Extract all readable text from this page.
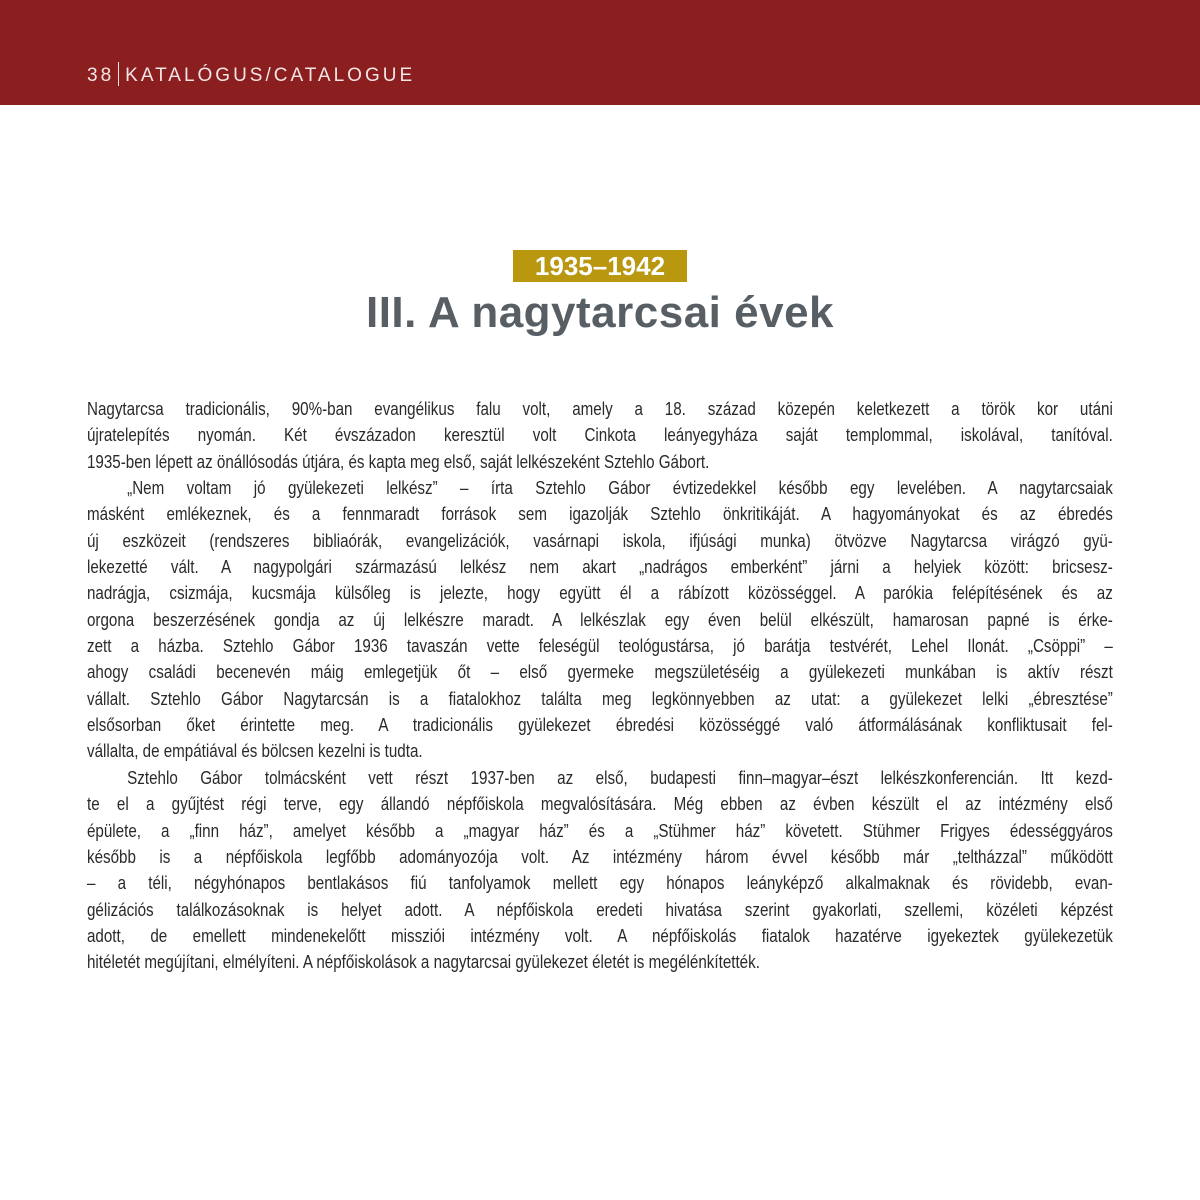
38 KATALÓGUS/CATALOGUE
1935–1942
III. A nagytarcsai évek
Nagytarcsa tradicionális, 90%-ban evangélikus falu volt, amely a 18. század közepén keletkezett a török kor utáni
újratelepítés nyomán. Két évszázadon keresztül volt Cinkota leányegyháza saját templommal, iskolával, tanítóval.
1935-ben lépett az önállósodás útjára, és kapta meg első, saját lelkészeként Sztehlo Gábort.
„Nem voltam jó gyülekezeti lelkész” – írta Sztehlo Gábor évtizedekkel később egy levelében. A nagytarcsaiak
másként emlékeznek, és a fennmaradt források sem igazolják Sztehlo önkritikáját. A hagyományokat és az ébredés
új eszközeit (rendszeres bibliaórák, evangelizációk, vasárnapi iskola, ifjúsági munka) ötvözve Nagytarcsa virágzó gyü-
lekezetté vált. A nagypolgári származású lelkész nem akart „nadrágos emberként” járni a helyiek között: bricsesz-
nadrágja, csizmája, kucsmája külsőleg is jelezte, hogy együtt él a rábízott közösséggel. A parókia felépítésének és az
orgona beszerzésének gondja az új lelkészre maradt. A lelkészlak egy éven belül elkészült, hamarosan papné is érke-
zett a házba. Sztehlo Gábor 1936 tavaszán vette feleségül teológustársa, jó barátja testvérét, Lehel Ilonát. „Csöppi” –
ahogy családi becenevén máig emlegetjük őt – első gyermeke megszületéséig a gyülekezeti munkában is aktív részt
vállalt. Sztehlo Gábor Nagytarcsán is a fiatalokhoz találta meg legkönnyebben az utat: a gyülekezet lelki „ébresztése”
elsősorban őket érintette meg. A tradicionális gyülekezet ébredési közösséggé való átformálásának konfliktusait fel-
vállalta, de empátiával és bölcsen kezelni is tudta.
Sztehlo Gábor tolmácsként vett részt 1937-ben az első, budapesti finn–magyar–észt lelkészkonferencián. Itt kezd-
te el a gyűjtést régi terve, egy állandó népfőiskola megvalósítására. Még ebben az évben készült el az intézmény első
épülete, a „finn ház”, amelyet később a „magyar ház” és a „Stühmer ház” követett. Stühmer Frigyes édességgyáros
később is a népfőiskola legfőbb adományozója volt. Az intézmény három évvel később már „teltházzal” működött
– a téli, négyhónapos bentlakásos fiú tanfolyamok mellett egy hónapos leányképző alkalmaknak és rövidebb, evan-
gélizációs találkozásoknak is helyet adott. A népfőiskola eredeti hivatása szerint gyakorlati, szellemi, közéleti képzést
adott, de emellett mindenekelőtt missziói intézmény volt. A népfőiskolás fiatalok hazatérve igyekeztek gyülekezetük
hitéletét megújítani, elmélyíteni. A népfőiskolások a nagytarcsai gyülekezet életét is megélénkítették.
